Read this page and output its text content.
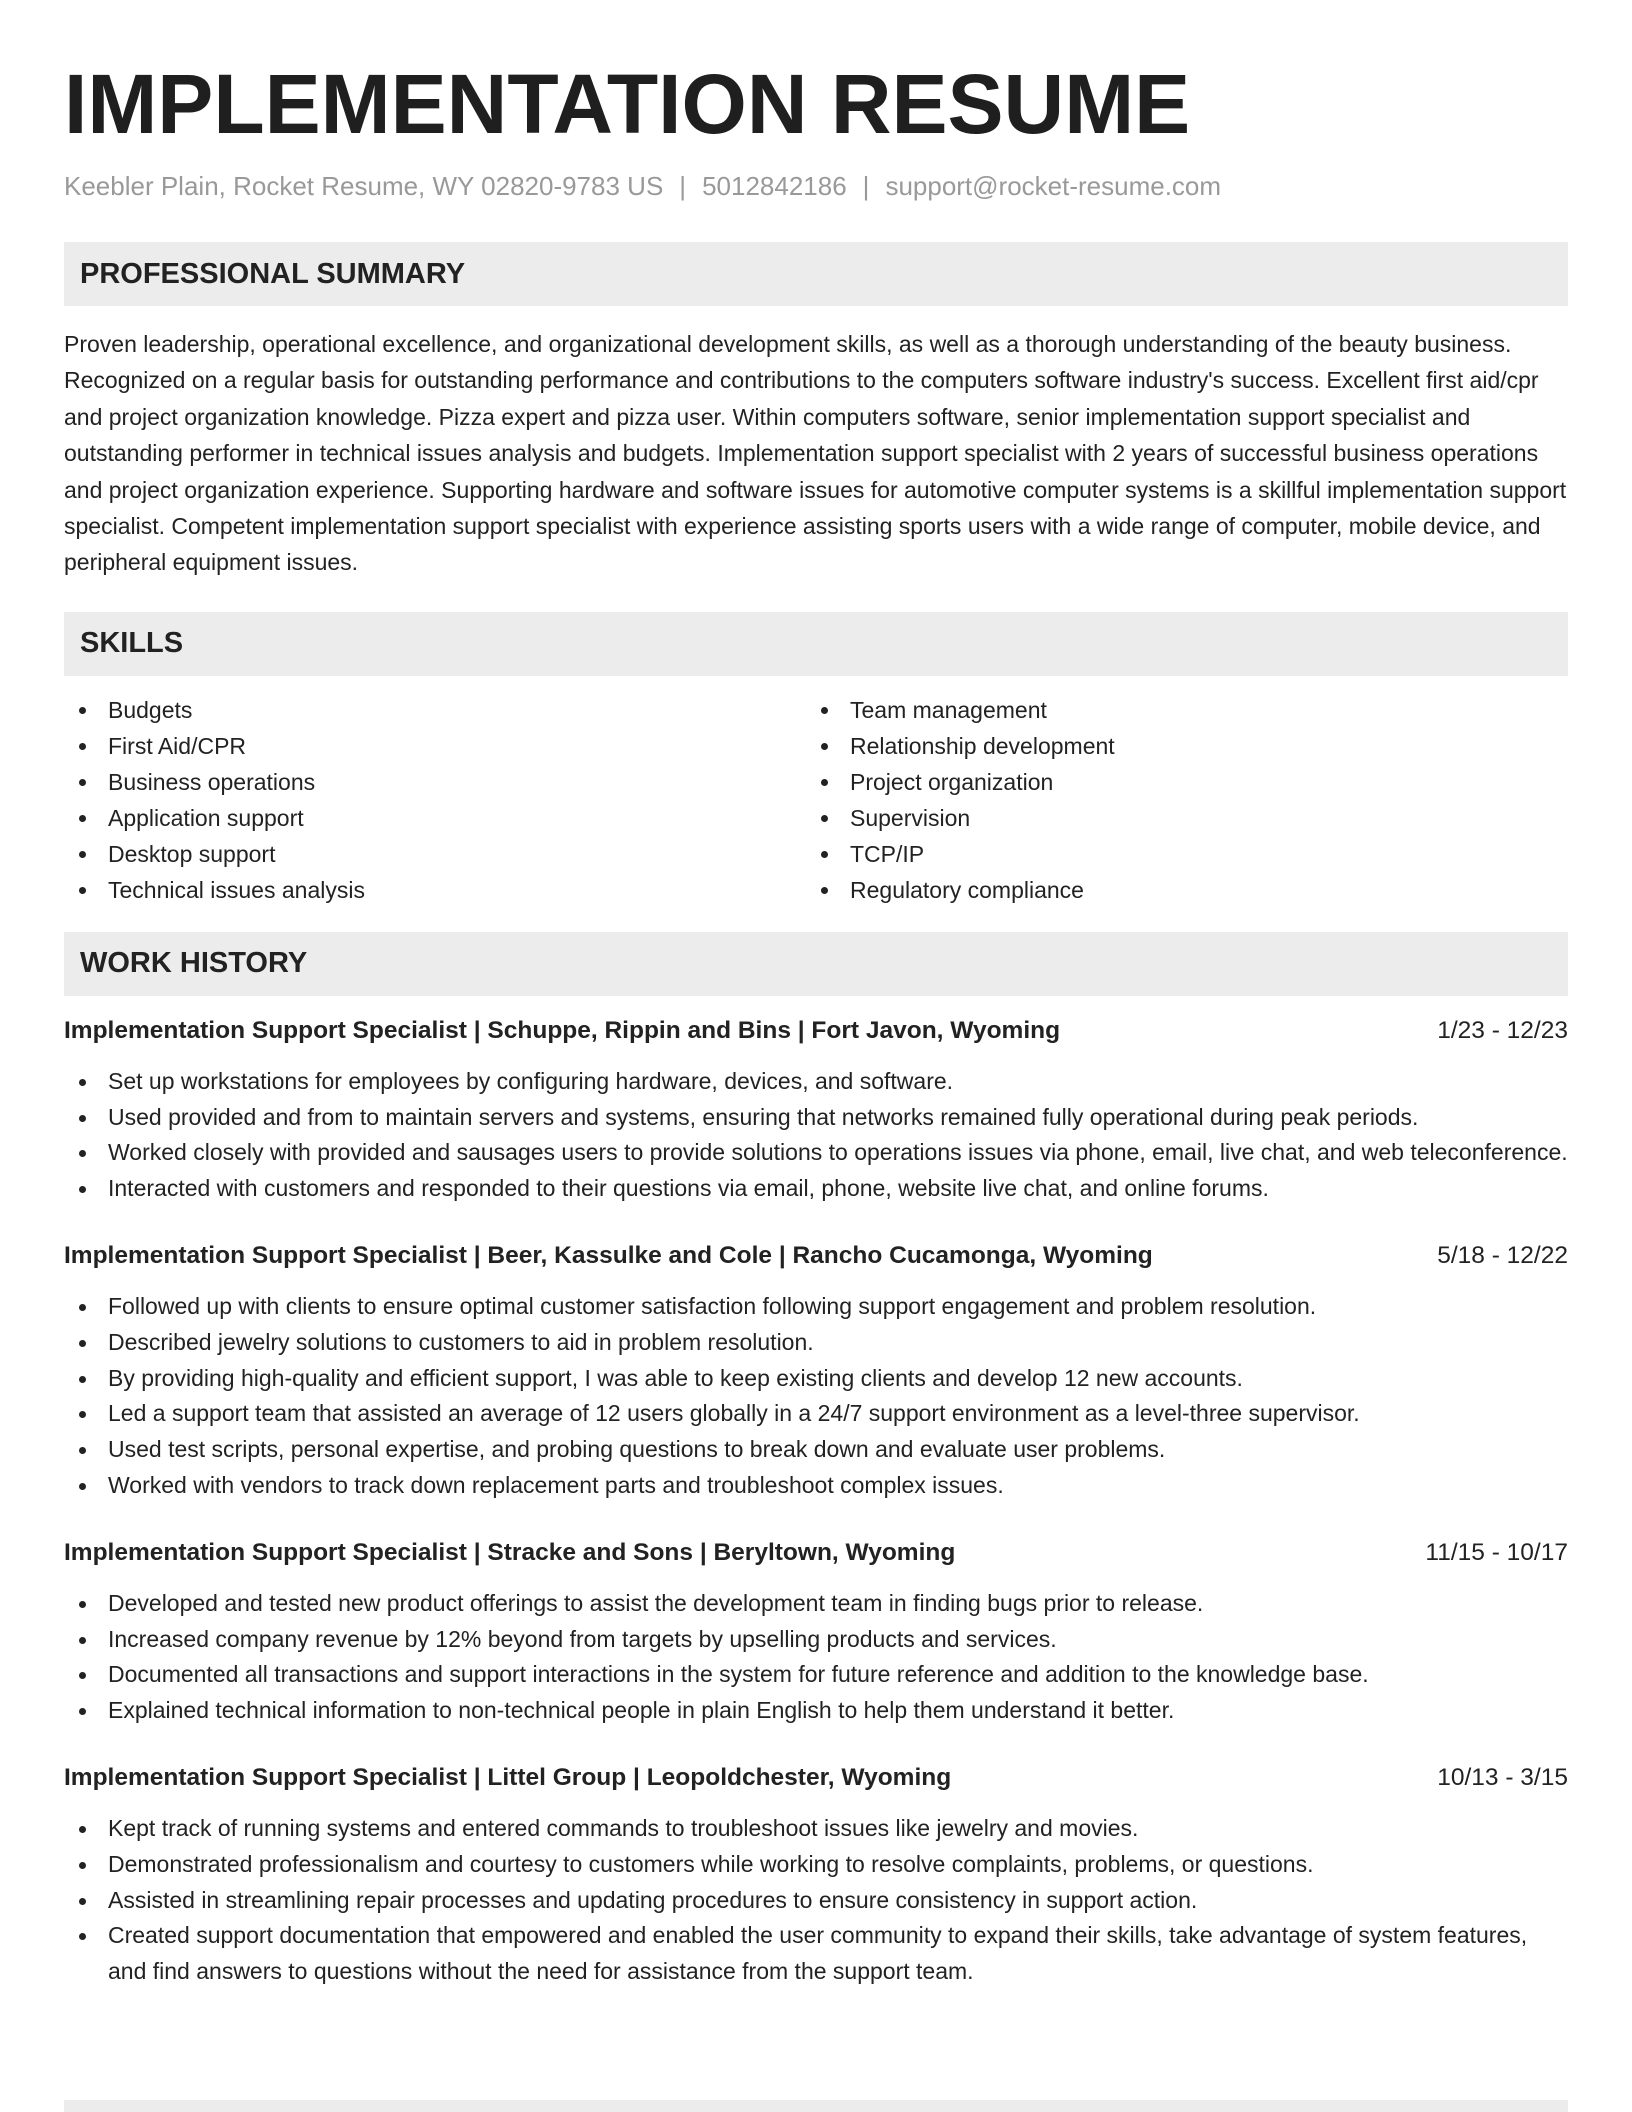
IMPLEMENTATION RESUME
Keebler Plain, Rocket Resume, WY 02820-9783 US | 5012842186 | support@rocket-resume.com
PROFESSIONAL SUMMARY
Proven leadership, operational excellence, and organizational development skills, as well as a thorough understanding of the beauty business. Recognized on a regular basis for outstanding performance and contributions to the computers software industry's success. Excellent first aid/cpr and project organization knowledge. Pizza expert and pizza user. Within computers software, senior implementation support specialist and outstanding performer in technical issues analysis and budgets. Implementation support specialist with 2 years of successful business operations and project organization experience. Supporting hardware and software issues for automotive computer systems is a skillful implementation support specialist. Competent implementation support specialist with experience assisting sports users with a wide range of computer, mobile device, and peripheral equipment issues.
SKILLS
Budgets
First Aid/CPR
Business operations
Application support
Desktop support
Technical issues analysis
Team management
Relationship development
Project organization
Supervision
TCP/IP
Regulatory compliance
WORK HISTORY
Implementation Support Specialist | Schuppe, Rippin and Bins | Fort Javon, Wyoming	1/23 - 12/23
Set up workstations for employees by configuring hardware, devices, and software.
Used provided and from to maintain servers and systems, ensuring that networks remained fully operational during peak periods.
Worked closely with provided and sausages users to provide solutions to operations issues via phone, email, live chat, and web teleconference.
Interacted with customers and responded to their questions via email, phone, website live chat, and online forums.
Implementation Support Specialist | Beer, Kassulke and Cole | Rancho Cucamonga, Wyoming	5/18 - 12/22
Followed up with clients to ensure optimal customer satisfaction following support engagement and problem resolution.
Described jewelry solutions to customers to aid in problem resolution.
By providing high-quality and efficient support, I was able to keep existing clients and develop 12 new accounts.
Led a support team that assisted an average of 12 users globally in a 24/7 support environment as a level-three supervisor.
Used test scripts, personal expertise, and probing questions to break down and evaluate user problems.
Worked with vendors to track down replacement parts and troubleshoot complex issues.
Implementation Support Specialist | Stracke and Sons | Beryltown, Wyoming	11/15 - 10/17
Developed and tested new product offerings to assist the development team in finding bugs prior to release.
Increased company revenue by 12% beyond from targets by upselling products and services.
Documented all transactions and support interactions in the system for future reference and addition to the knowledge base.
Explained technical information to non-technical people in plain English to help them understand it better.
Implementation Support Specialist | Littel Group | Leopoldchester, Wyoming	10/13 - 3/15
Kept track of running systems and entered commands to troubleshoot issues like jewelry and movies.
Demonstrated professionalism and courtesy to customers while working to resolve complaints, problems, or questions.
Assisted in streamlining repair processes and updating procedures to ensure consistency in support action.
Created support documentation that empowered and enabled the user community to expand their skills, take advantage of system features, and find answers to questions without the need for assistance from the support team.
